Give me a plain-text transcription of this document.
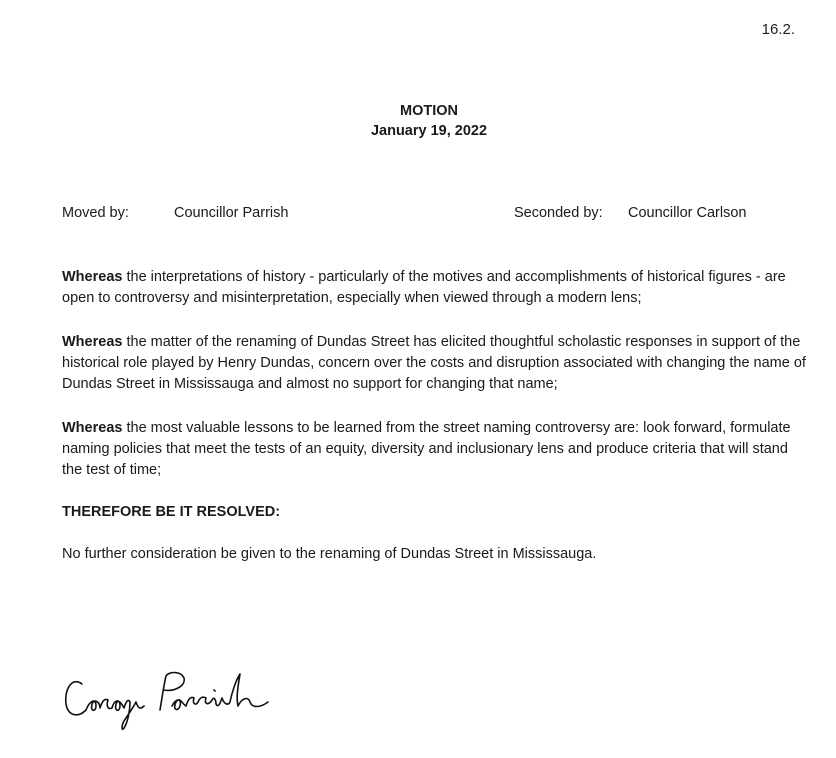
16.2.
MOTION
January 19, 2022
Moved by:	Councillor Parrish	Seconded by: Councillor Carlson
Whereas the interpretations of history - particularly of the motives and accomplishments of historical figures - are open to controversy and misinterpretation, especially when viewed through a modern lens;
Whereas the matter of the renaming of Dundas Street has elicited thoughtful scholastic responses in support of the historical role played by Henry Dundas, concern over the costs and disruption associated with changing the name of Dundas Street in Mississauga and almost no support for changing that name;
Whereas the most valuable lessons to be learned from the street naming controversy are: look forward, formulate naming policies that meet the tests of an equity, diversity and inclusionary lens and produce criteria that will stand the test of time;
THEREFORE BE IT RESOLVED:
No further consideration be given to the renaming of Dundas Street in Mississauga.
